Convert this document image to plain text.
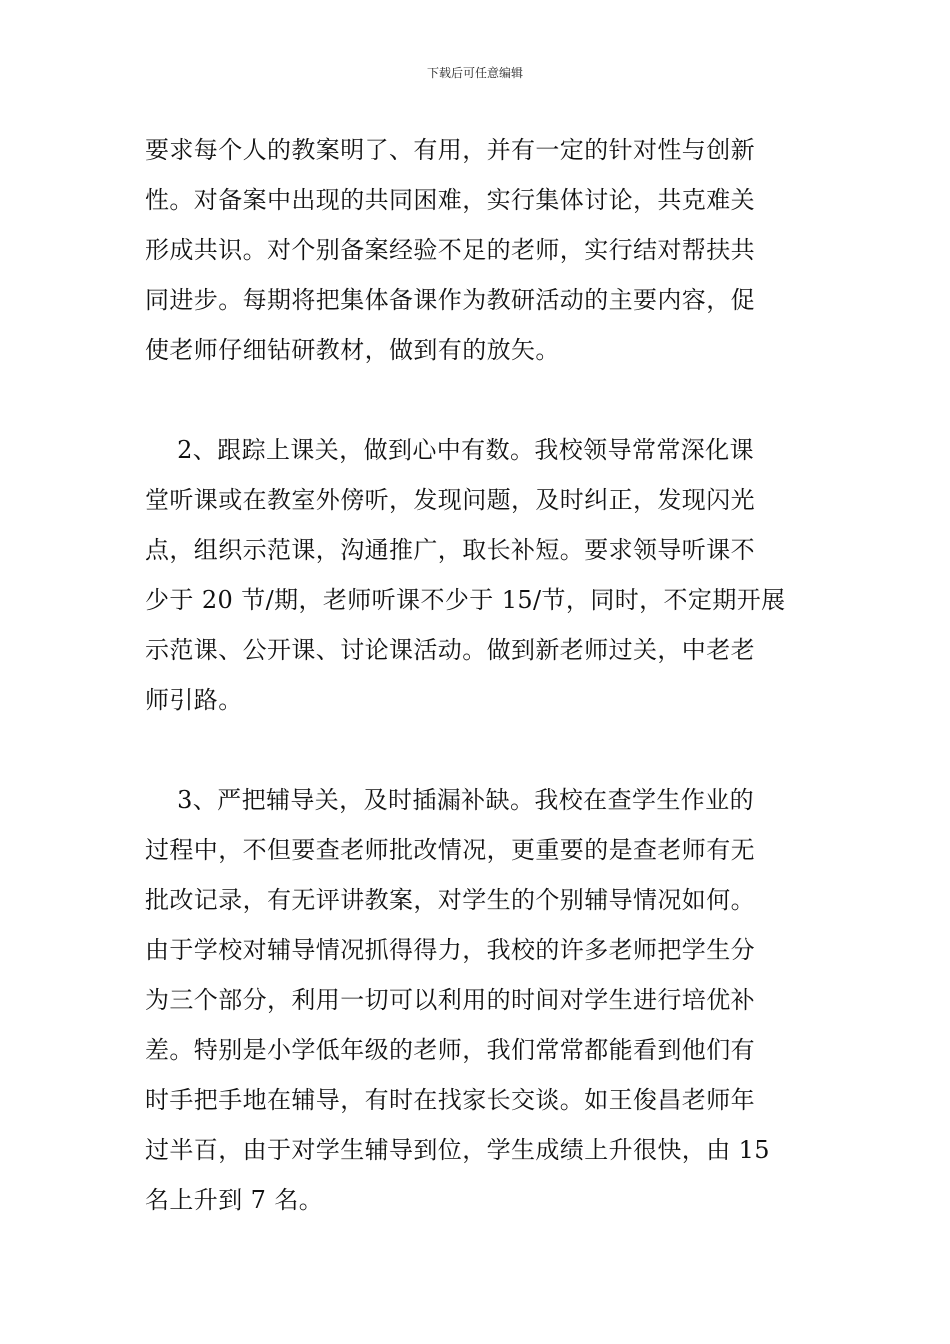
下载后可任意编辑
要求每个人的教案明了、有用，并有一定的针对性与创新
性。对备案中出现的共同困难，实行集体讨论，共克难关
形成共识。对个别备案经验不足的老师，实行结对帮扶共
同进步。每期将把集体备课作为教研活动的主要内容，促
使老师仔细钻研教材，做到有的放矢。
2、跟踪上课关，做到心中有数。我校领导常常深化课
堂听课或在教室外傍听，发现问题，及时纠正，发现闪光
点，组织示范课，沟通推广，取长补短。要求领导听课不
少于 20 节/期，老师听课不少于 15/节，同时，不定期开展
示范课、公开课、讨论课活动。做到新老师过关，中老老
师引路。
3、严把辅导关，及时插漏补缺。我校在查学生作业的
过程中，不但要查老师批改情况，更重要的是查老师有无
批改记录，有无评讲教案，对学生的个别辅导情况如何。
由于学校对辅导情况抓得得力，我校的许多老师把学生分
为三个部分，利用一切可以利用的时间对学生进行培优补
差。特别是小学低年级的老师，我们常常都能看到他们有
时手把手地在辅导，有时在找家长交谈。如王俊昌老师年
过半百，由于对学生辅导到位，学生成绩上升很快，由 15
名上升到 7 名。
